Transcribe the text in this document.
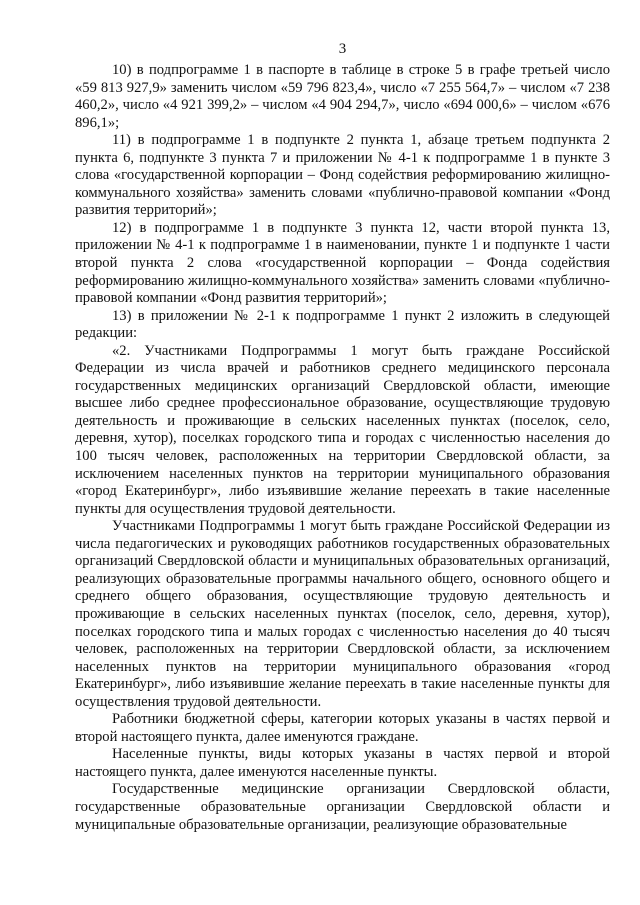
3

10) в подпрограмме 1 в паспорте в таблице в строке 5 в графе третьей число «59 813 927,9» заменить числом «59 796 823,4», число «7 255 564,7» – числом «7 238 460,2», число «4 921 399,2» – числом «4 904 294,7», число «694 000,6» – числом «676 896,1»;

11) в подпрограмме 1 в подпункте 2 пункта 1, абзаце третьем подпункта 2 пункта 6, подпункте 3 пункта 7 и приложении № 4-1 к подпрограмме 1 в пункте 3 слова «государственной корпорации – Фонд содействия реформированию жилищно-коммунального хозяйства» заменить словами «публично-правовой компании «Фонд развития территорий»;

12) в подпрограмме 1 в подпункте 3 пункта 12, части второй пункта 13, приложении № 4-1 к подпрограмме 1 в наименовании, пункте 1 и подпункте 1 части второй пункта 2 слова «государственной корпорации – Фонда содействия реформированию жилищно-коммунального хозяйства» заменить словами «публично-правовой компании «Фонд развития территорий»;

13) в приложении № 2-1 к подпрограмме 1 пункт 2 изложить в следующей редакции:

«2. Участниками Подпрограммы 1 могут быть граждане Российской Федерации из числа врачей и работников среднего медицинского персонала государственных медицинских организаций Свердловской области, имеющие высшее либо среднее профессиональное образование, осуществляющие трудовую деятельность и проживающие в сельских населенных пунктах (поселок, село, деревня, хутор), поселках городского типа и городах с численностью населения до 100 тысяч человек, расположенных на территории Свердловской области, за исключением населенных пунктов на территории муниципального образования «город Екатеринбург», либо изъявившие желание переехать в такие населенные пункты для осуществления трудовой деятельности.

Участниками Подпрограммы 1 могут быть граждане Российской Федерации из числа педагогических и руководящих работников государственных образовательных организаций Свердловской области и муниципальных образовательных организаций, реализующих образовательные программы начального общего, основного общего и среднего общего образования, осуществляющие трудовую деятельность и проживающие в сельских населенных пунктах (поселок, село, деревня, хутор), поселках городского типа и малых городах с численностью населения до 40 тысяч человек, расположенных на территории Свердловской области, за исключением населенных пунктов на территории муниципального образования «город Екатеринбург», либо изъявившие желание переехать в такие населенные пункты для осуществления трудовой деятельности.

Работники бюджетной сферы, категории которых указаны в частях первой и второй настоящего пункта, далее именуются граждане.

Населенные пункты, виды которых указаны в частях первой и второй настоящего пункта, далее именуются населенные пункты.

Государственные медицинские организации Свердловской области, государственные образовательные организации Свердловской области и муниципальные образовательные организации, реализующие образовательные
